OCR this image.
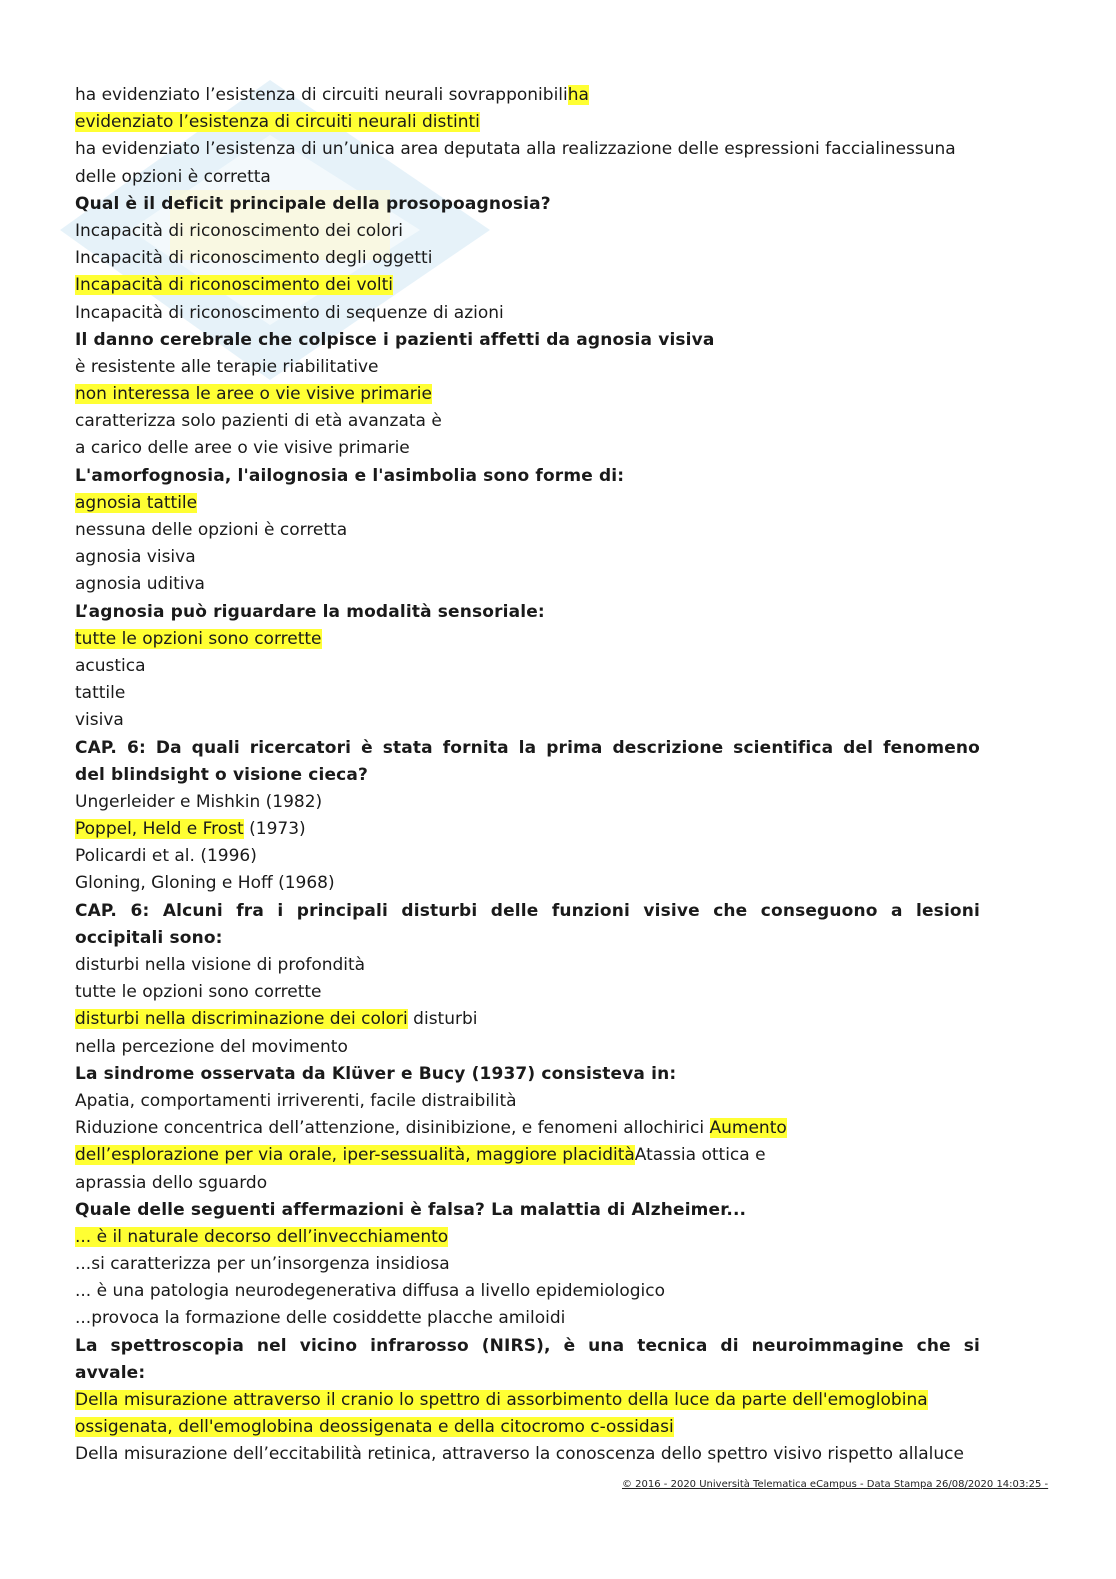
ha evidenziato l’esistenza di circuiti neurali sovrapponibiliha
evidenziato l’esistenza di circuiti neurali distinti
ha evidenziato l’esistenza di un’unica area deputata alla realizzazione delle espressioni faccialinessuna
delle opzioni è corretta
Qual è il deficit principale della prosopoagnosia?
Incapacità di riconoscimento dei colori
Incapacità di riconoscimento degli oggetti
Incapacità di riconoscimento dei volti
Incapacità di riconoscimento di sequenze di azioni
Il danno cerebrale che colpisce i pazienti affetti da agnosia visiva
è resistente alle terapie riabilitative
non interessa le aree o vie visive primarie
caratterizza solo pazienti di età avanzata è
a carico delle aree o vie visive primarie
L'amorfognosia, l'ailognosia e l'asimbolia sono forme di:
agnosia tattile
nessuna delle opzioni è corretta
agnosia visiva
agnosia uditiva
L’agnosia può riguardare la modalità sensoriale:
tutte le opzioni sono corrette
acustica
tattile
visiva
CAP. 6: Da quali ricercatori è stata fornita la prima descrizione scientifica del fenomeno
del blindsight o visione cieca?
Ungerleider e Mishkin (1982)
Poppel, Held e Frost (1973)
Policardi et al. (1996)
Gloning, Gloning e Hoff (1968)
CAP. 6: Alcuni fra i principali disturbi delle funzioni visive che conseguono a lesioni
occipitali sono:
disturbi nella visione di profondità
tutte le opzioni sono corrette
disturbi nella discriminazione dei colori disturbi
nella percezione del movimento
La sindrome osservata da Klüver e Bucy (1937) consisteva in:
Apatia, comportamenti irriverenti, facile distraibilità
Riduzione concentrica dell’attenzione, disinibizione, e fenomeni allochirici Aumento
dell’esplorazione per via orale, iper-sessualità, maggiore placiditàAtassia ottica e
aprassia dello sguardo
Quale delle seguenti affermazioni è falsa? La malattia di Alzheimer...
... è il naturale decorso dell’invecchiamento
...si caratterizza per un’insorgenza insidiosa
... è una patologia neurodegenerativa diffusa a livello epidemiologico
...provoca la formazione delle cosiddette placche amiloidi
La spettroscopia nel vicino infrarosso (NIRS), è una tecnica di neuroimmagine che si
avvale:
Della misurazione attraverso il cranio lo spettro di assorbimento della luce da parte dell'emoglobina
ossigenata, dell'emoglobina deossigenata e della citocromo c-ossidasi
Della misurazione dell’eccitabilità retinica, attraverso la conoscenza dello spettro visivo rispetto allaluce
© 2016 - 2020 Università Telematica eCampus - Data Stampa 26/08/2020 14:03:25 -
